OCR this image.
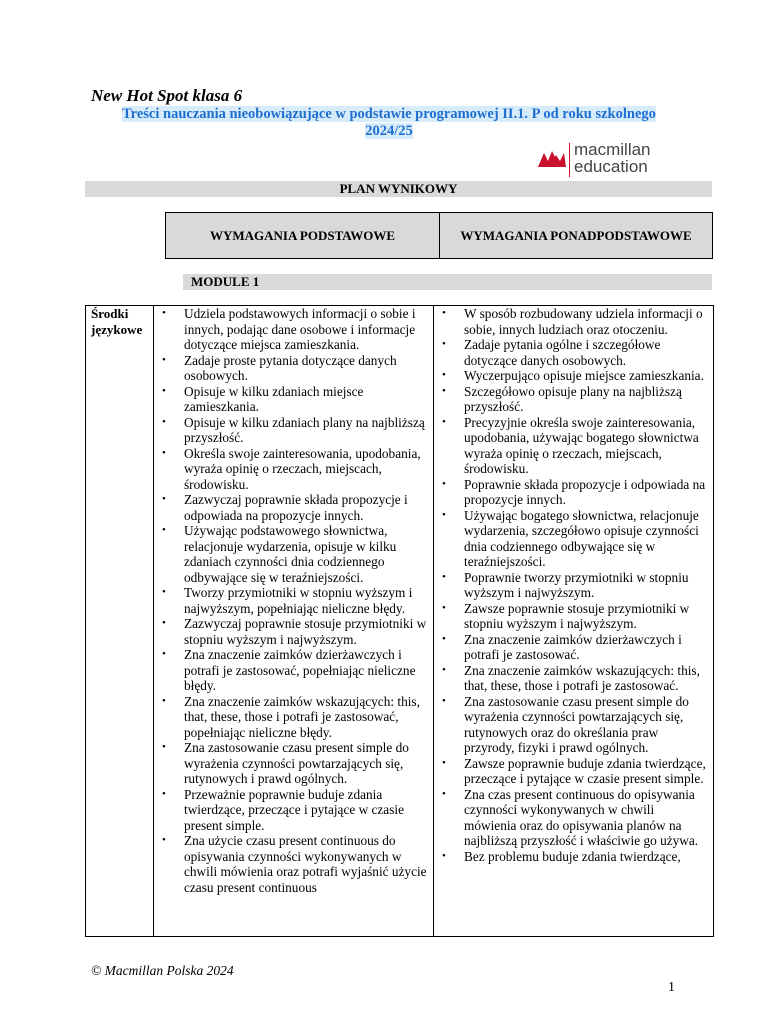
New Hot Spot klasa 6
Treści nauczania nieobowiązujące w podstawie programowej II.1. P od roku szkolnego
2024/25
macmillan
education
PLAN WYNIKOWY
WYMAGANIA PODSTAWOWE	WYMAGANIA PONADPODSTAWOWE
MODULE 1
Środki
językowe
• Udziela podstawowych informacji o sobie i innych, podając dane osobowe i informacje dotyczące miejsca zamieszkania.
• Zadaje proste pytania dotyczące danych osobowych.
• Opisuje w kilku zdaniach miejsce zamieszkania.
• Opisuje w kilku zdaniach plany na najbliższą przyszłość.
• Określa swoje zainteresowania, upodobania, wyraża opinię o rzeczach, miejscach, środowisku.
• Zazwyczaj poprawnie składa propozycje i odpowiada na propozycje innych.
• Używając podstawowego słownictwa, relacjonuje wydarzenia, opisuje w kilku zdaniach czynności dnia codziennego odbywające się w teraźniejszości.
• Tworzy przymiotniki w stopniu wyższym i najwyższym, popełniając nieliczne błędy.
• Zazwyczaj poprawnie stosuje przymiotniki w stopniu wyższym i najwyższym.
• Zna znaczenie zaimków dzierżawczych i potrafi je zastosować, popełniając nieliczne błędy.
• Zna znaczenie zaimków wskazujących: this, that, these, those i potrafi je zastosować, popełniając nieliczne błędy.
• Zna zastosowanie czasu present simple do wyrażenia czynności powtarzających się, rutynowych i prawd ogólnych.
• Przeważnie poprawnie buduje zdania twierdzące, przeczące i pytające w czasie present simple.
• Zna użycie czasu present continuous do opisywania czynności wykonywanych w chwili mówienia oraz potrafi wyjaśnić użycie czasu present continuous
• W sposób rozbudowany udziela informacji o sobie, innych ludziach oraz otoczeniu.
• Zadaje pytania ogólne i szczegółowe dotyczące danych osobowych.
• Wyczerpująco opisuje miejsce zamieszkania.
• Szczegółowo opisuje plany na najbliższą przyszłość.
• Precyzyjnie określa swoje zainteresowania, upodobania, używając bogatego słownictwa wyraża opinię o rzeczach, miejscach, środowisku.
• Poprawnie składa propozycje i odpowiada na propozycje innych.
• Używając bogatego słownictwa, relacjonuje wydarzenia, szczegółowo opisuje czynności dnia codziennego odbywające się w teraźniejszości.
• Poprawnie tworzy przymiotniki w stopniu wyższym i najwyższym.
• Zawsze poprawnie stosuje przymiotniki w stopniu wyższym i najwyższym.
• Zna znaczenie zaimków dzierżawczych i potrafi je zastosować.
• Zna znaczenie zaimków wskazujących: this, that, these, those i potrafi je zastosować.
• Zna zastosowanie czasu present simple do wyrażenia czynności powtarzających się, rutynowych oraz do określania praw przyrody, fizyki i prawd ogólnych.
• Zawsze poprawnie buduje zdania twierdzące, przeczące i pytające w czasie present simple.
• Zna czas present continuous do opisywania czynności wykonywanych w chwili mówienia oraz do opisywania planów na najbliższą przyszłość i właściwie go używa.
• Bez problemu buduje zdania twierdzące,
© Macmillan Polska 2024
1
